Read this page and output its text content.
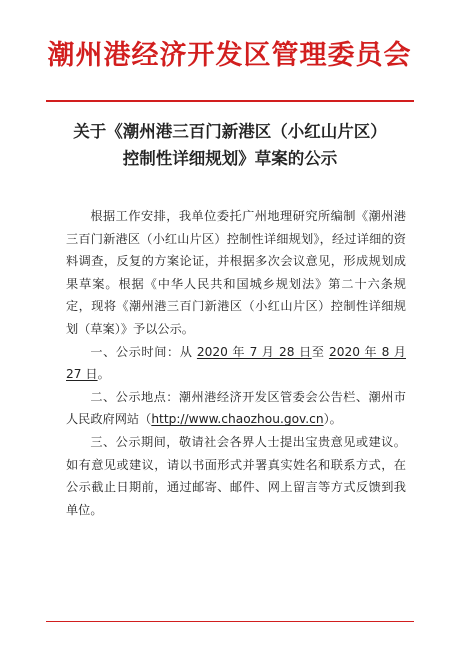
潮州港经济开发区管理委员会
关于《潮州港三百门新港区（小红山片区）
控制性详细规划》草案的公示

根据工作安排，我单位委托广州地理研究所编制《潮州港三百门新港区（小红山片区）控制性详细规划》，经过详细的资料调查，反复的方案论证，并根据多次会议意见，形成规划成果草案。根据《中华人民共和国城乡规划法》第二十六条规定，现将《潮州港三百门新港区（小红山片区）控制性详细规划（草案）》予以公示。

一、公示时间：从 2020 年 7 月 28 日至 2020 年 8 月 27 日。

二、公示地点：潮州港经济开发区管委会公告栏、潮州市人民政府网站（http://www.chaozhou.gov.cn）。

三、公示期间，敬请社会各界人士提出宝贵意见或建议。如有意见或建议，请以书面形式并署真实姓名和联系方式，在公示截止日期前，通过邮寄、邮件、网上留言等方式反馈到我单位。
